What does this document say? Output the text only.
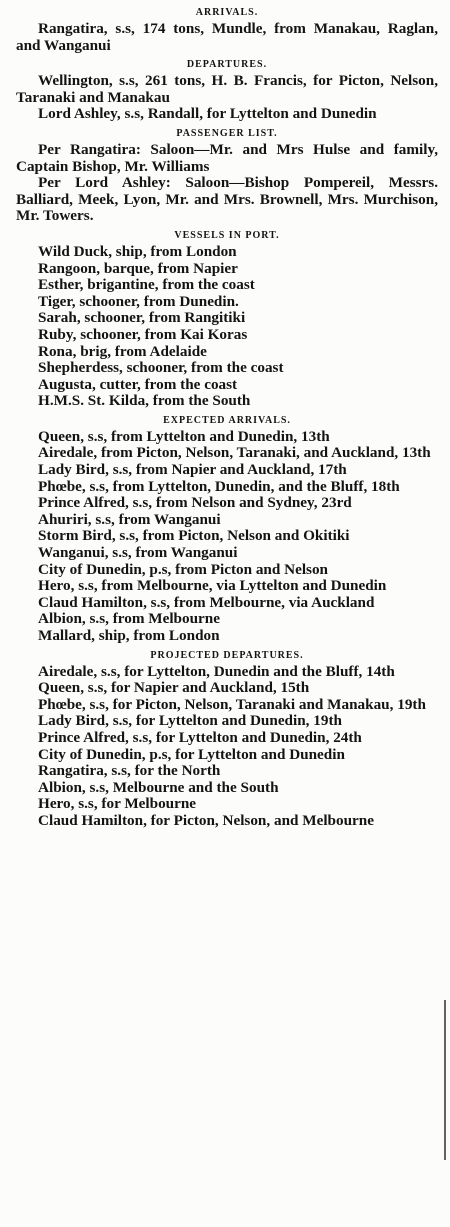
ARRIVALS.

Rangatira, s.s, 174 tons, Mundle, from Manakau, Raglan, and Wanganui

DEPARTURES.

Wellington, s.s, 261 tons, H. B. Francis, for Picton, Nelson, Taranaki and Manakau

Lord Ashley, s.s, Randall, for Lyttelton and Dunedin

PASSENGER LIST.

Per Rangatira: Saloon—Mr. and Mrs Hulse and family, Captain Bishop, Mr. Williams

Per Lord Ashley: Saloon—Bishop Pompereil, Messrs. Balliard, Meek, Lyon, Mr. and Mrs. Brownell, Mrs. Murchison, Mr. Towers.

VESSELS IN PORT.

Wild Duck, ship, from London

Rangoon, barque, from Napier

Esther, brigantine, from the coast

Tiger, schooner, from Dunedin.

Sarah, schooner, from Rangitiki

Ruby, schooner, from Kai Koras

Rona, brig, from Adelaide

Shepherdess, schooner, from the coast

Augusta, cutter, from the coast

H.M.S. St. Kilda, from the South

EXPECTED ARRIVALS.

Queen, s.s, from Lyttelton and Dunedin, 13th

Airedale, from Picton, Nelson, Taranaki, and Auckland, 13th

Lady Bird, s.s, from Napier and Auckland, 17th

Phœbe, s.s, from Lyttelton, Dunedin, and the Bluff, 18th

Prince Alfred, s.s, from Nelson and Sydney, 23rd

Ahuriri, s.s, from Wanganui

Storm Bird, s.s, from Picton, Nelson and Okitiki

Wanganui, s.s, from Wanganui

City of Dunedin, p.s, from Picton and Nelson

Hero, s.s, from Melbourne, via Lyttelton and Dunedin

Claud Hamilton, s.s, from Melbourne, via Auckland

Albion, s.s, from Melbourne

Mallard, ship, from London

PROJECTED DEPARTURES.

Airedale, s.s, for Lyttelton, Dunedin and the Bluff, 14th

Queen, s.s, for Napier and Auckland, 15th

Phœbe, s.s, for Picton, Nelson, Taranaki and Manakau, 19th

Lady Bird, s.s, for Lyttelton and Dunedin, 19th

Prince Alfred, s.s, for Lyttelton and Dunedin, 24th

City of Dunedin, p.s, for Lyttelton and Dunedin

Rangatira, s.s, for the North

Albion, s.s, Melbourne and the South

Hero, s.s, for Melbourne

Claud Hamilton, for Picton, Nelson, and Melbourne
